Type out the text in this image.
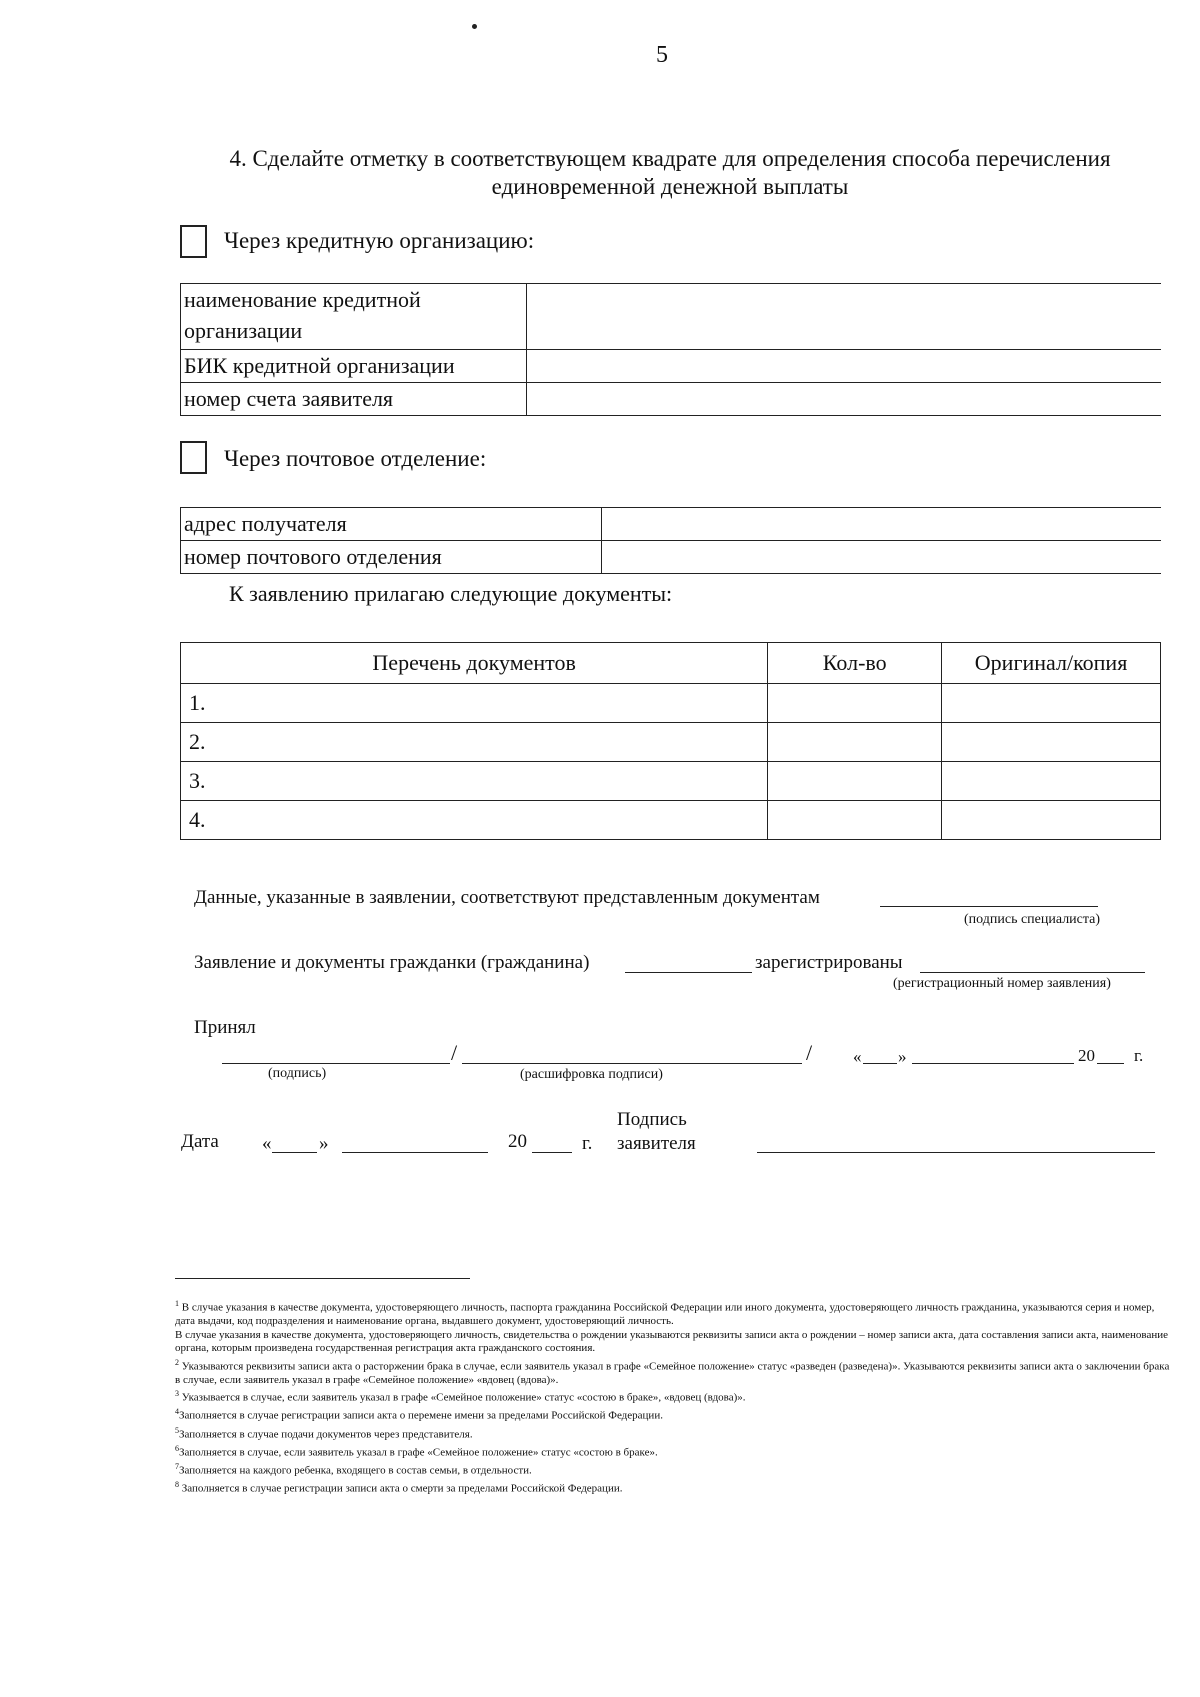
5
4. Сделайте отметку в соответствующем квадрате для определения способа перечисления
единовременной денежной выплаты
Через кредитную организацию:
наименование кредитной
организации	

БИК кредитной организации	
номер счета заявителя	
Через почтовое отделение:
адрес получателя	
номер почтового отделения	
К заявлению прилагаю следующие документы:
Перечень документов	Кол-во	Оригинал/копия
1.		
2.		
3.		
4.		
Данные, указанные в заявлении, соответствуют представленным документам
(подпись специалиста)
Заявление и документы гражданки (гражданина)	зарегистрированы
(регистрационный номер заявления)
Принял
/	/ « »	20 г.
(подпись)	(расшифровка подписи)
Дата «	»	20	г.
Подпись
заявителя

$^1$ В случае указания в качестве документа, удостоверяющего личность, паспорта гражданина Российской Федерации или иного документа, удостоверяющего личность гражданина, указываются серия и номер, дата выдачи, код подразделения и наименование органа, выдавшего документ, удостоверяющий личность.

В случае указания в качестве документа, удостоверяющего личность, свидетельства о рождении указываются реквизиты записи акта о рождении – номер записи акта, дата составления записи акта, наименование органа, которым произведена государственная регистрация акта гражданского состояния.

$^2$ Указываются реквизиты записи акта о расторжении брака в случае, если заявитель указал в графе «Семейное положение» статус «разведен (разведена)». Указываются реквизиты записи акта о заключении брака в случае, если заявитель указал в графе «Семейное положение» «вдовец (вдова)».

$^3$ Указывается в случае, если заявитель указал в графе «Семейное положение» статус «состою в браке», «вдовец (вдова)».

$^4$Заполняется в случае регистрации записи акта о перемене имени за пределами Российской Федерации.

$^5$Заполняется в случае подачи документов через представителя.

$^6$Заполняется в случае, если заявитель указал в графе «Семейное положение» статус «состою в браке».

$^7$Заполняется на каждого ребенка, входящего в состав семьи, в отдельности.

$^8$ Заполняется в случае регистрации записи акта о смерти за пределами Российской Федерации.
